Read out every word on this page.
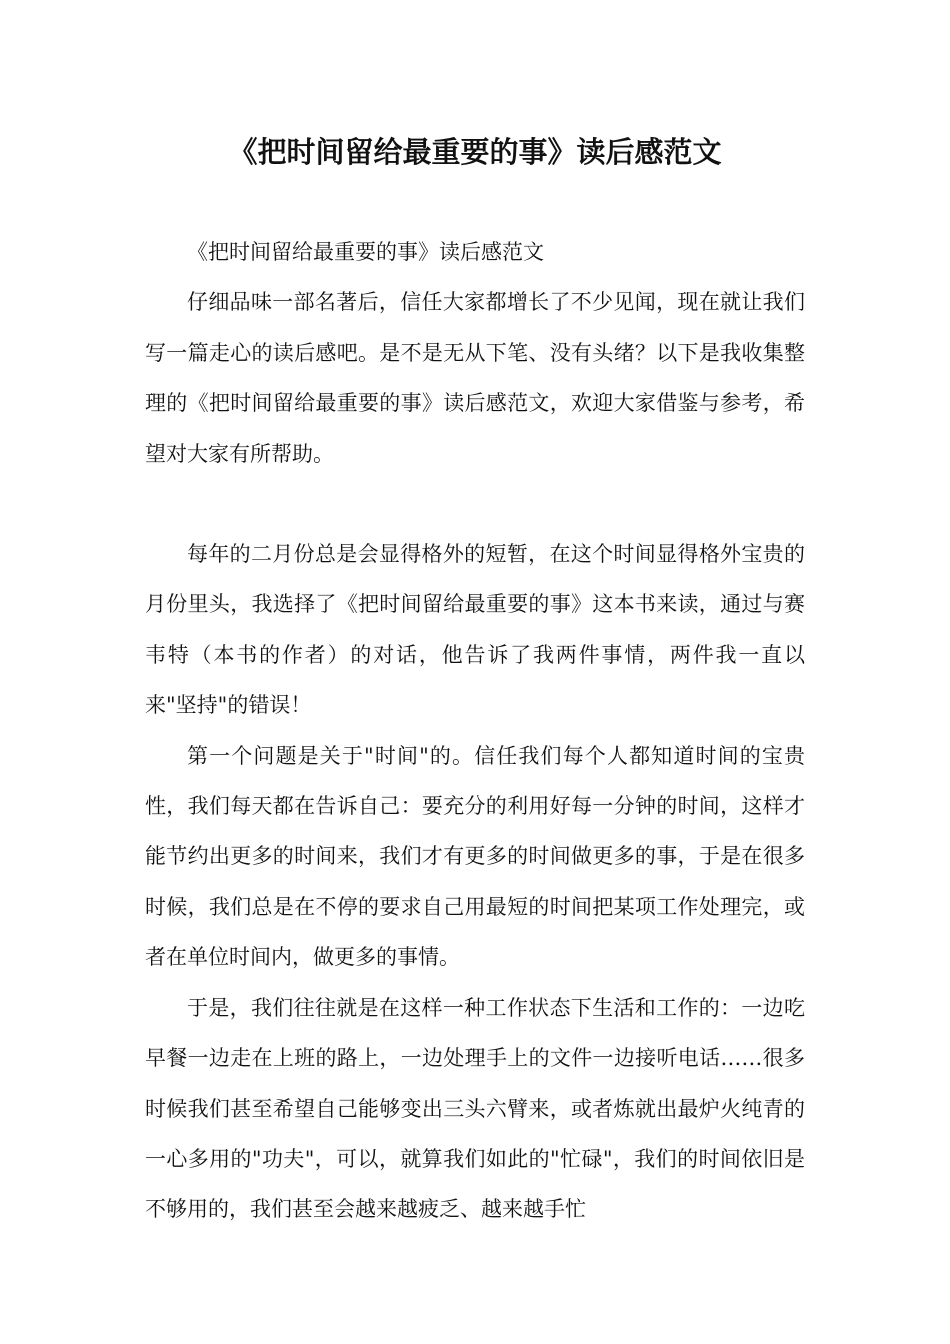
《把时间留给最重要的事》读后感范文

《把时间留给最重要的事》读后感范文

仔细品味一部名著后，信任大家都增长了不少见闻，现在就让我们写一篇走心的读后感吧。是不是无从下笔、没有头绪？以下是我收集整理的《把时间留给最重要的事》读后感范文，欢迎大家借鉴与参考，希望对大家有所帮助。

每年的二月份总是会显得格外的短暂，在这个时间显得格外宝贵的月份里头，我选择了《把时间留给最重要的事》这本书来读，通过与赛韦特（本书的作者）的对话，他告诉了我两件事情，两件我一直以来"坚持"的错误！

第一个问题是关于"时间"的。信任我们每个人都知道时间的宝贵性，我们每天都在告诉自己：要充分的利用好每一分钟的时间，这样才能节约出更多的时间来，我们才有更多的时间做更多的事，于是在很多时候，我们总是在不停的要求自己用最短的时间把某项工作处理完，或者在单位时间内，做更多的事情。

于是，我们往往就是在这样一种工作状态下生活和工作的：一边吃早餐一边走在上班的路上，一边处理手上的文件一边接听电话……很多时候我们甚至希望自己能够变出三头六臂来，或者炼就出最炉火纯青的一心多用的"功夫"，可以，就算我们如此的"忙碌"，我们的时间依旧是不够用的，我们甚至会越来越疲乏、越来越手忙
